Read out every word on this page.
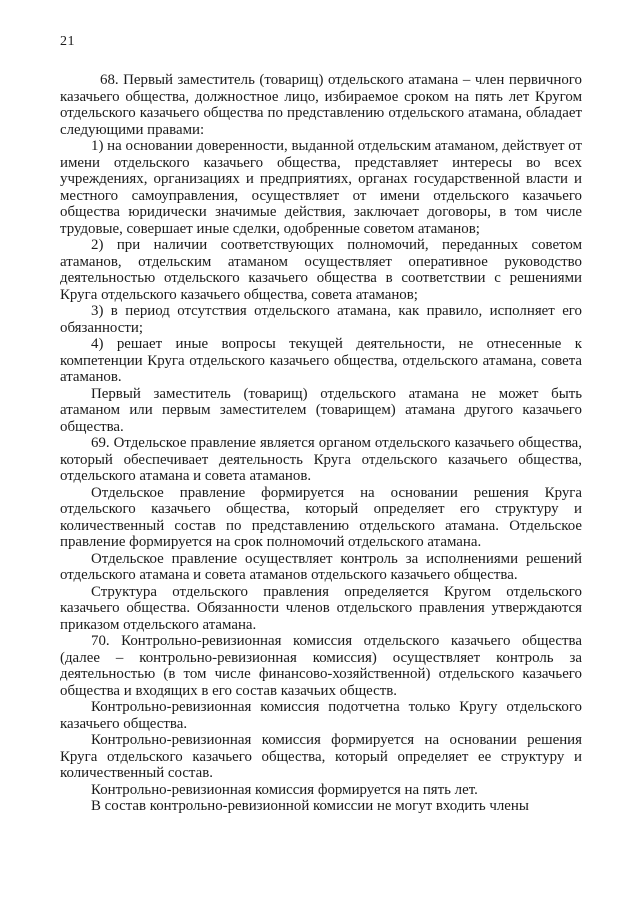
21

68. Первый заместитель (товарищ) отдельского атамана – член первичного казачьего общества, должностное лицо, избираемое сроком на пять лет Кругом отдельского казачьего общества по представлению отдельского атамана, обладает следующими правами:

1) на основании доверенности, выданной отдельским атаманом, действует от имени отдельского казачьего общества, представляет интересы во всех учреждениях, организациях и предприятиях, органах государственной власти и местного самоуправления, осуществляет от имени отдельского казачьего общества юридически значимые действия, заключает договоры, в том числе трудовые, совершает иные сделки, одобренные советом атаманов;

2) при наличии соответствующих полномочий, переданных советом атаманов, отдельским атаманом осуществляет оперативное руководство деятельностью отдельского казачьего общества в соответствии с решениями Круга отдельского казачьего общества, совета атаманов;

3) в период отсутствия отдельского атамана, как правило, исполняет его обязанности;

4) решает иные вопросы текущей деятельности, не отнесенные к компетенции Круга отдельского казачьего общества, отдельского атамана, совета атаманов.

Первый заместитель (товарищ) отдельского атамана не может быть атаманом или первым заместителем (товарищем) атамана другого казачьего общества.

69. Отдельское правление является органом отдельского казачьего общества, который обеспечивает деятельность Круга отдельского казачьего общества, отдельского атамана и совета атаманов.

Отдельское правление формируется на основании решения Круга отдельского казачьего общества, который определяет его структуру и количественный состав по представлению отдельского атамана. Отдельское правление формируется на срок полномочий отдельского атамана.

Отдельское правление осуществляет контроль за исполнениями решений отдельского атамана и совета атаманов отдельского казачьего общества.

Структура отдельского правления определяется Кругом отдельского казачьего общества. Обязанности членов отдельского правления утверждаются приказом отдельского атамана.

70. Контрольно-ревизионная комиссия отдельского казачьего общества (далее – контрольно-ревизионная комиссия) осуществляет контроль за деятельностью (в том числе финансово-хозяйственной) отдельского казачьего общества и входящих в его состав казачьих обществ.

Контрольно-ревизионная комиссия подотчетна только Кругу отдельского казачьего общества.

Контрольно-ревизионная комиссия формируется на основании решения Круга отдельского казачьего общества, который определяет ее структуру и количественный состав.

Контрольно-ревизионная комиссия формируется на пять лет.

В состав контрольно-ревизионной комиссии не могут входить члены
